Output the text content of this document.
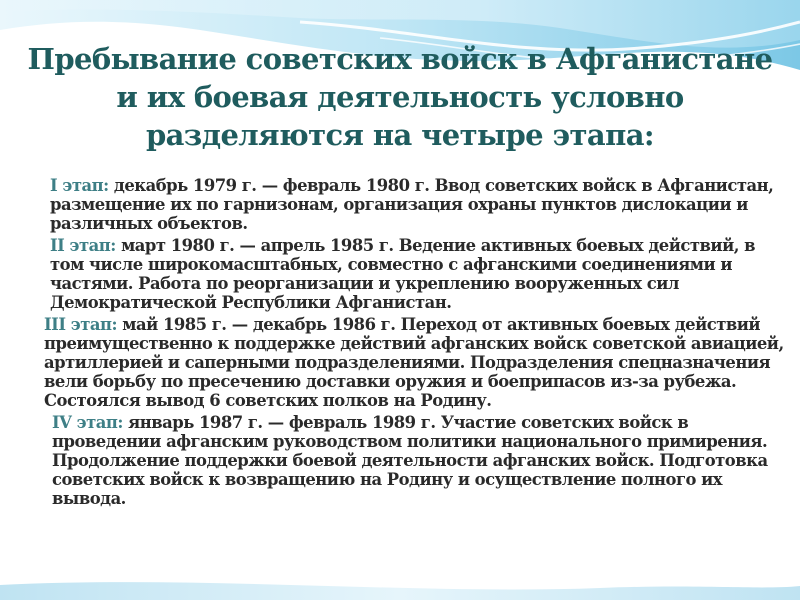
Пребывание советских войск в Афганистане и их боевая деятельность условно разделяются на четыре этапа:

I этап: декабрь 1979 г. — февраль 1980 г. Ввод советских войск в Афганистан, размещение их по гарнизонам, организация охраны пунктов дислокации и различных объектов.

II этап: март 1980 г. — апрель 1985 г. Ведение активных боевых действий, в том числе широкомасштабных, совместно с афганскими соединениями и частями. Работа по реорганизации и укреплению вооруженных сил Демократической Республики Афганистан.

III этап: май 1985 г. — декабрь 1986 г. Переход от активных боевых действий преимущественно к поддержке действий афганских войск советской авиацией, артиллерией и саперными подразделениями. Подразделения спецназначения вели борьбу по пресечению доставки оружия и боеприпасов из-за рубежа. Состоялся вывод 6 советских полков на Родину.

IV этап: январь 1987 г. — февраль 1989 г. Участие советских войск в проведении афганским руководством политики национального примирения. Продолжение поддержки боевой деятельности афганских войск. Подготовка советских войск к возвращению на Родину и осуществление полного их вывода.
